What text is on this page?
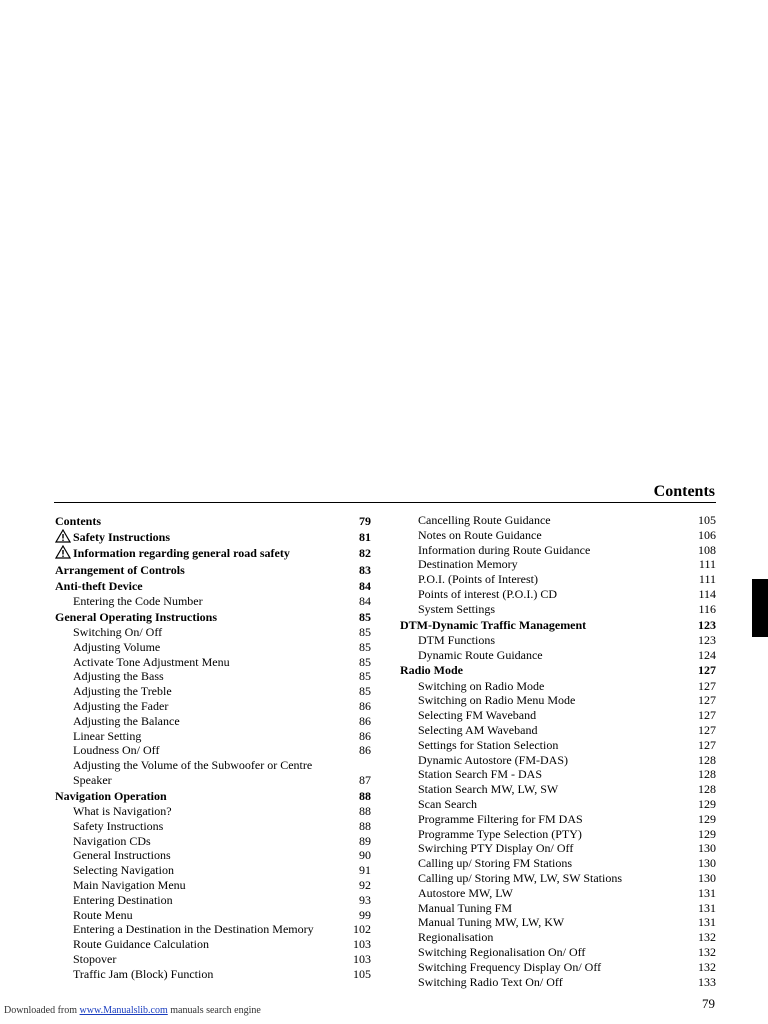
Contents
Contents	79
Safety Instructions	81
Information regarding general road safety	82
Arrangement of Controls	83
Anti-theft Device	84
Entering the Code Number	84
General Operating Instructions	85
Switching On/ Off	85
Adjusting Volume	85
Activate Tone Adjustment Menu	85
Adjusting the Bass	85
Adjusting the Treble	85
Adjusting the Fader	86
Adjusting the Balance	86
Linear Setting	86
Loudness On/ Off	86
Adjusting the Volume of the Subwoofer or Centre Speaker	87
Navigation Operation	88
What is Navigation?	88
Safety Instructions	88
Navigation CDs	89
General Instructions	90
Selecting Navigation	91
Main Navigation Menu	92
Entering Destination	93
Route Menu	99
Entering a Destination in the Destination Memory	102
Route Guidance Calculation	103
Stopover	103
Traffic Jam (Block) Function	105
Cancelling Route Guidance	105
Notes on Route Guidance	106
Information during Route Guidance	108
Destination Memory	111
P.O.I. (Points of Interest)	111
Points of interest (P.O.I.) CD	114
System Settings	116
DTM-Dynamic Traffic Management	123
DTM Functions	123
Dynamic Route Guidance	124
Radio Mode	127
Switching on Radio Mode	127
Switching on Radio Menu Mode	127
Selecting FM Waveband	127
Selecting AM Waveband	127
Settings for Station Selection	127
Dynamic Autostore (FM-DAS)	128
Station Search FM - DAS	128
Station Search MW, LW, SW	128
Scan Search	129
Programme Filtering for FM DAS	129
Programme Type Selection (PTY)	129
Swirching PTY Display On/ Off	130
Calling up/ Storing FM Stations	130
Calling up/ Storing MW, LW, SW Stations	130
Autostore MW, LW	131
Manual Tuning FM	131
Manual Tuning MW, LW, KW	131
Regionalisation	132
Switching Regionalisation On/ Off	132
Switching Frequency Display On/ Off	132
Switching Radio Text On/ Off	133
79
Downloaded from www.Manualslib.com manuals search engine
